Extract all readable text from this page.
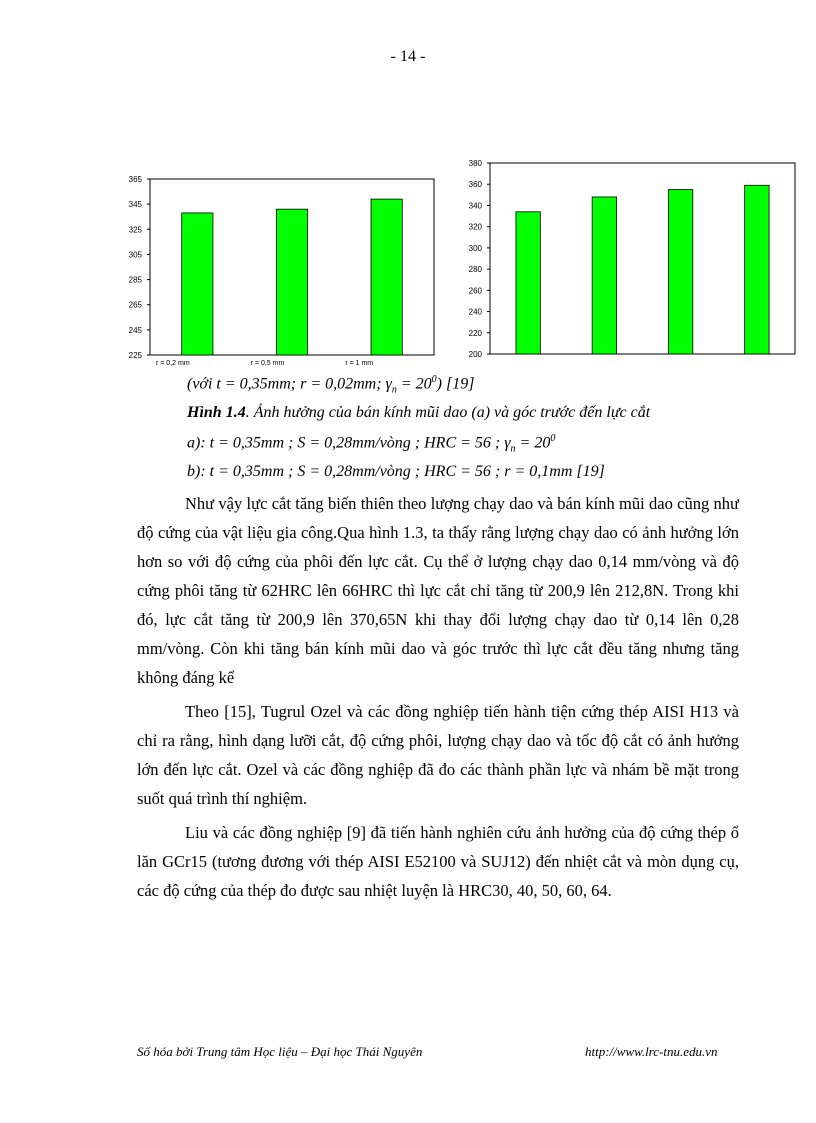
- 14 -
225
245
265
285
305
325
345
365
r = 0,2 mm	r = 0,5 mm	r = 1 mm
200
220
240
260
280
300
320
340
360
380
(với t = 0,35mm; r = 0,02mm; $\gamma_n = 20^0$) [19]
Hình 1.4. Ảnh hưởng của bán kính mũi dao (a) và góc trước đến lực cắt
a): t = 0,35mm ; S = 0,28mm/vòng ; HRC = 56 ; $\gamma_n = 20^0$
b): t = 0,35mm ; S = 0,28mm/vòng ; HRC = 56 ; r = 0,1mm [19]

Như vậy lực cắt tăng biến thiên theo lượng chạy dao và bán kính mũi dao cũng như độ cứng của vật liệu gia công.Qua hình 1.3, ta thấy rằng lượng chạy dao có ảnh hưởng lớn hơn so với độ cứng của phôi đến lực cắt. Cụ thể ở lượng chạy dao 0,14 mm/vòng và độ cứng phôi tăng từ 62HRC lên 66HRC thì lực cắt chỉ tăng từ 200,9 lên 212,8N. Trong khi đó, lực cắt tăng từ 200,9 lên 370,65N khi thay đổi lượng chạy dao từ 0,14 lên 0,28 mm/vòng. Còn khi tăng bán kính mũi dao và góc trước thì lực cắt đều tăng nhưng tăng không đáng kể

Theo [15], Tugrul Ozel và các đồng nghiệp tiến hành tiện cứng thép AISI H13 và chỉ ra rằng, hình dạng lưỡi cắt, độ cứng phôi, lượng chạy dao và tốc độ cắt có ảnh hưởng lớn đến lực cắt. Ozel và các đồng nghiệp đã đo các thành phần lực và nhám bề mặt trong suốt quá trình thí nghiệm.

Liu và các đồng nghiệp [9] đã tiến hành nghiên cứu ảnh hưởng của độ cứng thép ổ lăn GCr15 (tương đương với thép AISI E52100 và SUJ12) đến nhiệt cắt và mòn dụng cụ, các độ cứng của thép đo được sau nhiệt luyện là HRC30, 40, 50, 60, 64.

Số hóa bởi Trung tâm Học liệu – Đại học Thái Nguyên	http://www.lrc-tnu.edu.vn
